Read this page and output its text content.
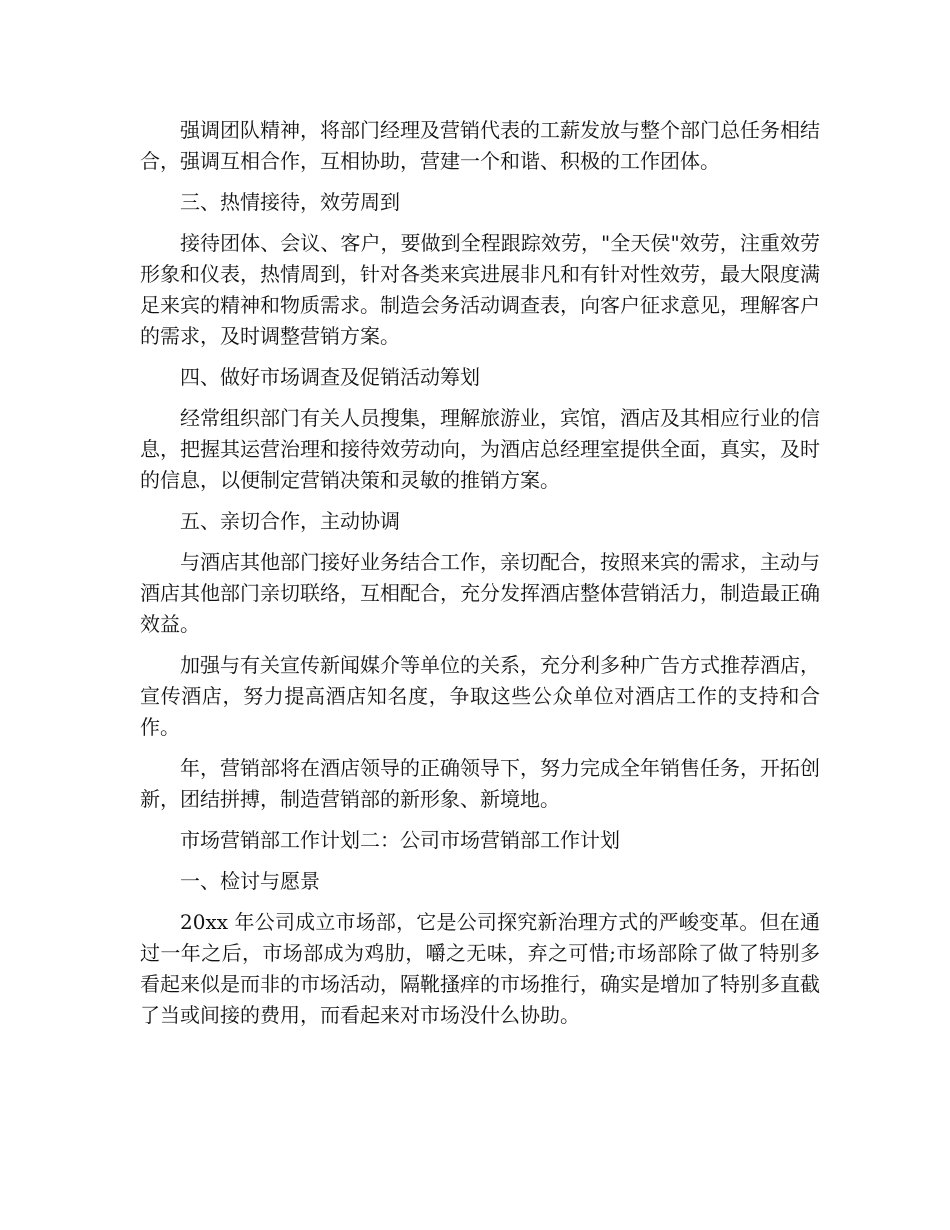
强调团队精神，将部门经理及营销代表的工薪发放与整个部门总任务相结合，强调互相合作，互相协助，营建一个和谐、积极的工作团体。

三、热情接待，效劳周到

接待团体、会议、客户，要做到全程跟踪效劳，"全天侯"效劳，注重效劳形象和仪表，热情周到，针对各类来宾进展非凡和有针对性效劳，最大限度满足来宾的精神和物质需求。制造会务活动调查表，向客户征求意见，理解客户的需求，及时调整营销方案。

四、做好市场调查及促销活动筹划

经常组织部门有关人员搜集，理解旅游业，宾馆，酒店及其相应行业的信息，把握其运营治理和接待效劳动向，为酒店总经理室提供全面，真实，及时的信息，以便制定营销决策和灵敏的推销方案。

五、亲切合作，主动协调

与酒店其他部门接好业务结合工作，亲切配合，按照来宾的需求，主动与酒店其他部门亲切联络，互相配合，充分发挥酒店整体营销活力，制造最正确效益。

加强与有关宣传新闻媒介等单位的关系，充分利多种广告方式推荐酒店，宣传酒店，努力提高酒店知名度，争取这些公众单位对酒店工作的支持和合作。

年，营销部将在酒店领导的正确领导下，努力完成全年销售任务，开拓创新，团结拼搏，制造营销部的新形象、新境地。

市场营销部工作计划二：公司市场营销部工作计划

一、检讨与愿景

20xx 年公司成立市场部，它是公司探究新治理方式的严峻变革。但在通过一年之后，市场部成为鸡肋，嚼之无味，弃之可惜;市场部除了做了特别多看起来似是而非的市场活动，隔靴搔痒的市场推行，确实是增加了特别多直截了当或间接的费用，而看起来对市场没什么协助。
